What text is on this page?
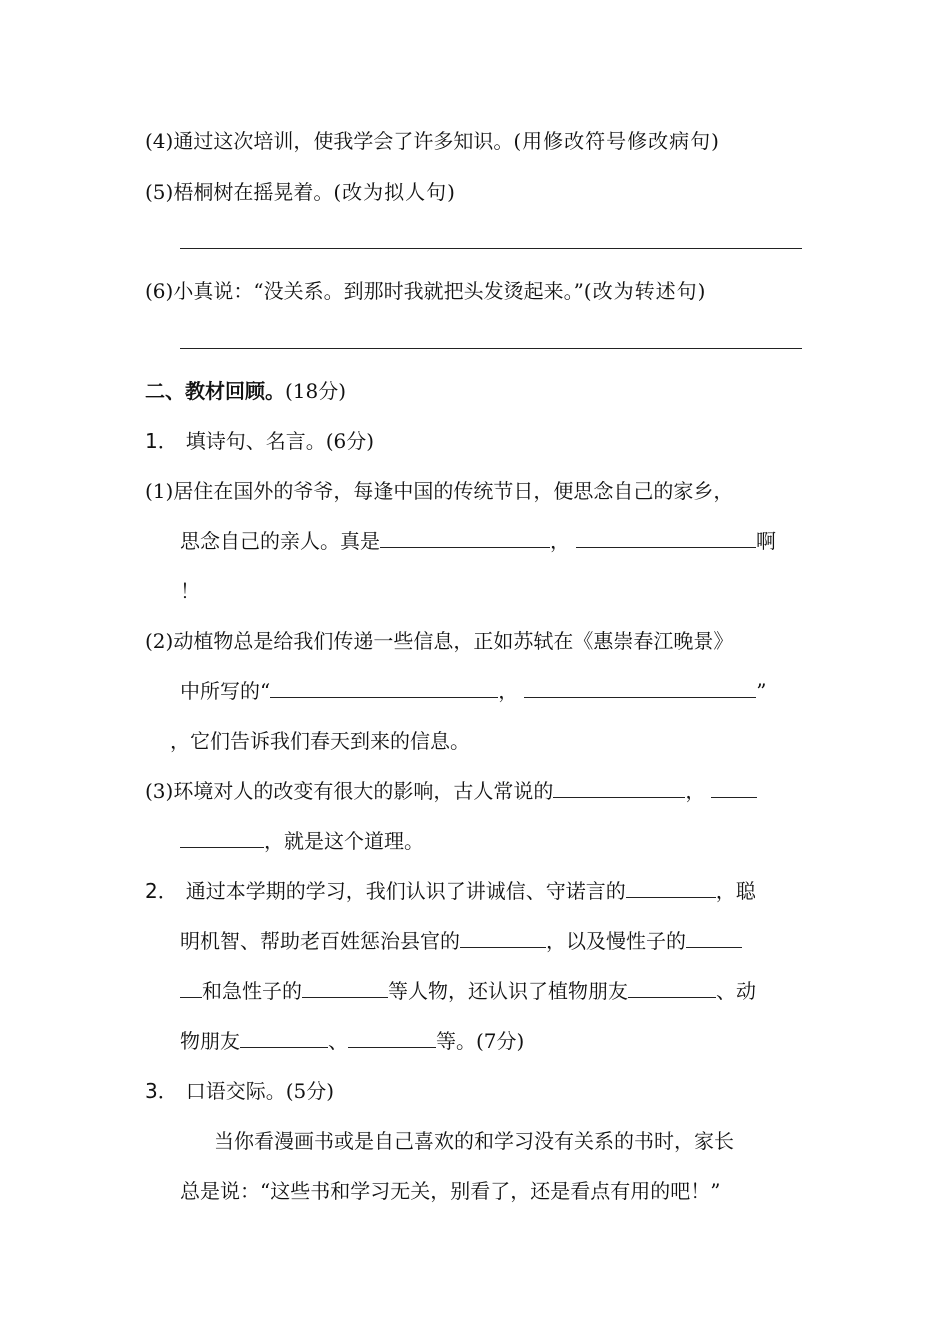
(4)通过这次培训，使我学会了许多知识。(用修改符号修改病句)
(5)梧桐树在摇晃着。(改为拟人句)
(6)小真说：“没关系。到那时我就把头发烫起来。”(改为转述句)
二、教材回顾。(18分)
1． 填诗句、名言。(6分)
(1)居住在国外的爷爷，每逢中国的传统节日，便思念自己的家乡，
思念自己的亲人。真是	，	啊
！
(2)动植物总是给我们传递一些信息，正如苏轼在《惠崇春江晚景》
中所写的“	，	”
，它们告诉我们春天到来的信息。
(3)环境对人的改变有很大的影响，古人常说的	，
，就是这个道理。
2． 通过本学期的学习，我们认识了讲诚信、守诺言的	，聪
明机智、帮助老百姓惩治县官的	，以及慢性子的
和急性子的	等人物，还认识了植物朋友	、动
物朋友	、	等。(7分)
3． 口语交际。(5分)
当你看漫画书或是自己喜欢的和学习没有关系的书时，家长
总是说：“这些书和学习无关，别看了，还是看点有用的吧！”
